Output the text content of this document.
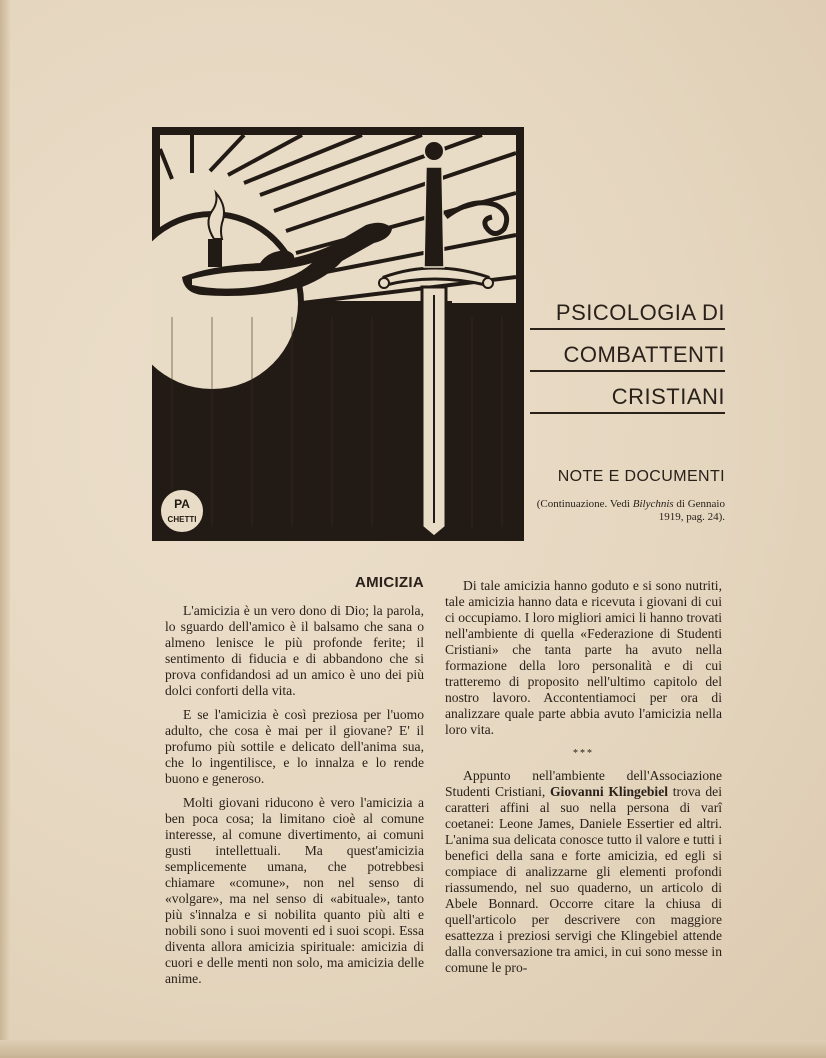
PA
CHETTI
PSICOLOGIA DI
COMBATTENTI
CRISTIANI
NOTE E DOCUMENTI
(Continuazione. Vedi Bilychnis di Gennaio 1919, pag. 24).
AMICIZIA

L'amicizia è un vero dono di Dio; la parola, lo sguardo dell'amico è il balsamo che sana o almeno lenisce le più profonde ferite; il sentimento di fiducia e di abbandono che si prova confidandosi ad un amico è uno dei più dolci conforti della vita.

E se l'amicizia è così preziosa per l'uomo adulto, che cosa è mai per il giovane? E' il profumo più sottile e delicato dell'anima sua, che lo ingentilisce, e lo innalza e lo rende buono e generoso.

Molti giovani riducono è vero l'amicizia a ben poca cosa; la limitano cioè al comune interesse, al comune divertimento, ai comuni gusti intellettuali. Ma quest'amicizia semplicemente umana, che potrebbesi chiamare «comune», non nel senso di «volgare», ma nel senso di «abituale», tanto più s'innalza e si nobilita quanto più alti e nobili sono i suoi moventi ed i suoi scopi. Essa diventa allora amicizia spirituale: amicizia di cuori e delle menti non solo, ma amicizia delle anime.

Di tale amicizia hanno goduto e si sono nutriti, tale amicizia hanno data e ricevuta i giovani di cui ci occupiamo. I loro migliori amici li hanno trovati nell'ambiente di quella «Federazione di Studenti Cristiani» che tanta parte ha avuto nella formazione della loro personalità e di cui tratteremo di proposito nell'ultimo capitolo del nostro lavoro. Accontentiamoci per ora di analizzare quale parte abbia avuto l'amicizia nella loro vita.

***

Appunto nell'ambiente dell'Associazione Studenti Cristiani, Giovanni Klingebiel trova dei caratteri affini al suo nella persona di varî coetanei: Leone James, Daniele Essertier ed altri. L'anima sua delicata conosce tutto il valore e tutti i benefici della sana e forte amicizia, ed egli si compiace di analizzarne gli elementi profondi riassumendo, nel suo quaderno, un articolo di Abele Bonnard. Occorre citare la chiusa di quell'articolo per descrivere con maggiore esattezza i preziosi servigi che Klingebiel attende dalla conversazione tra amici, in cui sono messe in comune le pro-
